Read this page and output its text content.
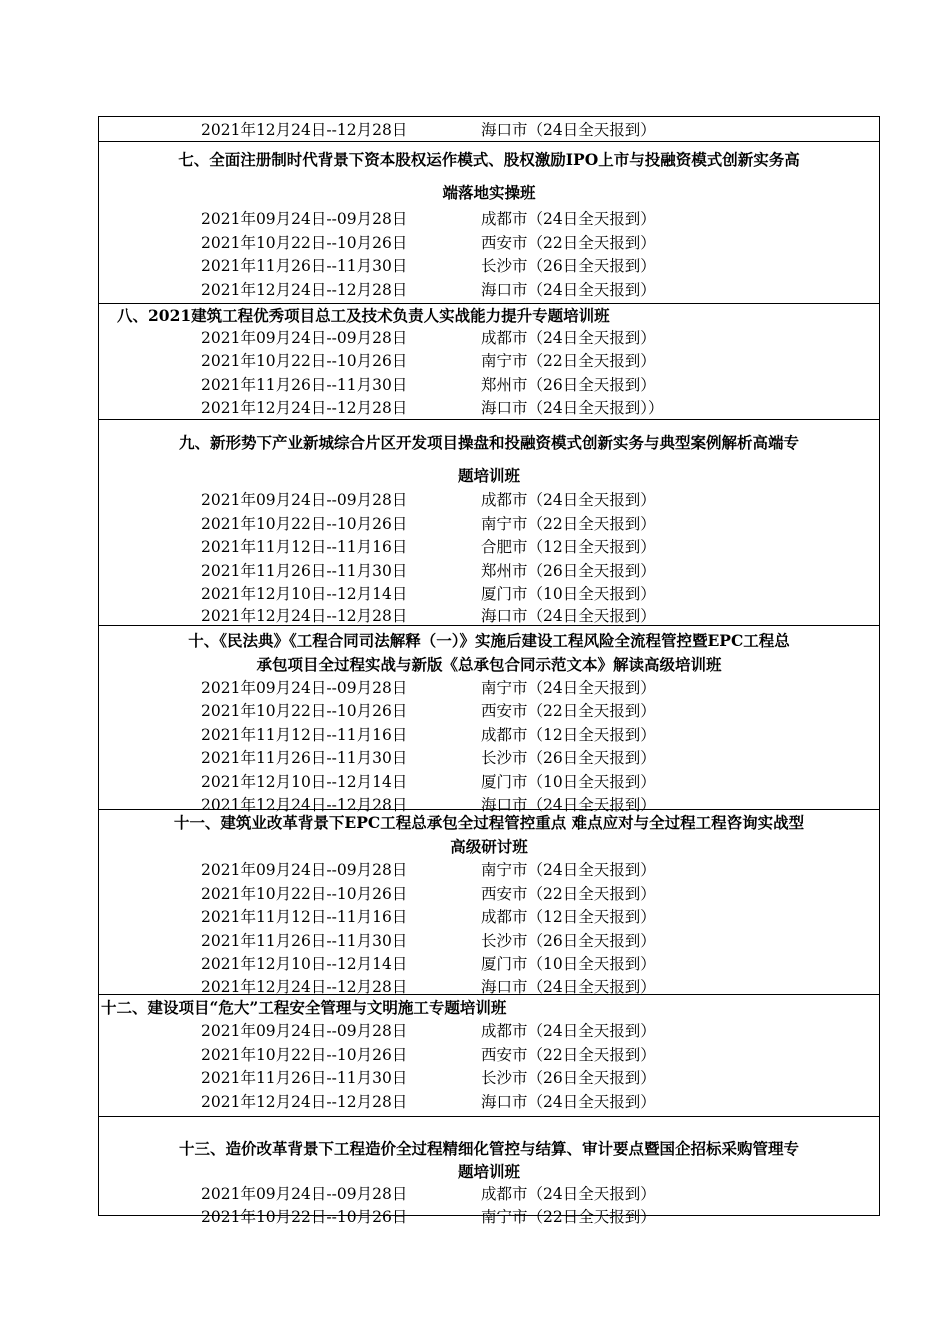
2021年12月24日--12月28日	海口市（24日全天报到）
七、全面注册制时代背景下资本股权运作模式、股权激励IPO上市与投融资模式创新实务高
端落地实操班
2021年09月24日--09月28日	成都市（24日全天报到）
2021年10月22日--10月26日	西安市（22日全天报到）
2021年11月26日--11月30日	长沙市（26日全天报到）
2021年12月24日--12月28日	海口市（24日全天报到）
八、2021建筑工程优秀项目总工及技术负责人实战能力提升专题培训班
2021年09月24日--09月28日	成都市（24日全天报到）
2021年10月22日--10月26日	南宁市（22日全天报到）
2021年11月26日--11月30日	郑州市（26日全天报到）
2021年12月24日--12月28日	海口市（24日全天报到））
九、新形势下产业新城综合片区开发项目操盘和投融资模式创新实务与典型案例解析高端专
题培训班
2021年09月24日--09月28日	成都市（24日全天报到）
2021年10月22日--10月26日	南宁市（22日全天报到）
2021年11月12日--11月16日	合肥市（12日全天报到）
2021年11月26日--11月30日	郑州市（26日全天报到）
2021年12月10日--12月14日	厦门市（10日全天报到）
2021年12月24日--12月28日	海口市（24日全天报到）
十、《民法典》《工程合同司法解释（一）》实施后建设工程风险全流程管控暨EPC工程总
承包项目全过程实战与新版《总承包合同示范文本》解读高级培训班
2021年09月24日--09月28日	南宁市（24日全天报到）
2021年10月22日--10月26日	西安市（22日全天报到）
2021年11月12日--11月16日	成都市（12日全天报到）
2021年11月26日--11月30日	长沙市（26日全天报到）
2021年12月10日--12月14日	厦门市（10日全天报到）
2021年12月24日--12月28日	海口市（24日全天报到）
十一、建筑业改革背景下EPC工程总承包全过程管控重点 难点应对与全过程工程咨询实战型
高级研讨班
2021年09月24日--09月28日	南宁市（24日全天报到）
2021年10月22日--10月26日	西安市（22日全天报到）
2021年11月12日--11月16日	成都市（12日全天报到）
2021年11月26日--11月30日	长沙市（26日全天报到）
2021年12月10日--12月14日	厦门市（10日全天报到）
2021年12月24日--12月28日	海口市（24日全天报到）
十二、建设项目“危大”工程安全管理与文明施工专题培训班
2021年09月24日--09月28日	成都市（24日全天报到）
2021年10月22日--10月26日	西安市（22日全天报到）
2021年11月26日--11月30日	长沙市（26日全天报到）
2021年12月24日--12月28日	海口市（24日全天报到）
十三、造价改革背景下工程造价全过程精细化管控与结算、审计要点暨国企招标采购管理专
题培训班
2021年09月24日--09月28日	成都市（24日全天报到）
2021年10月22日--10月26日	南宁市（22日全天报到）
